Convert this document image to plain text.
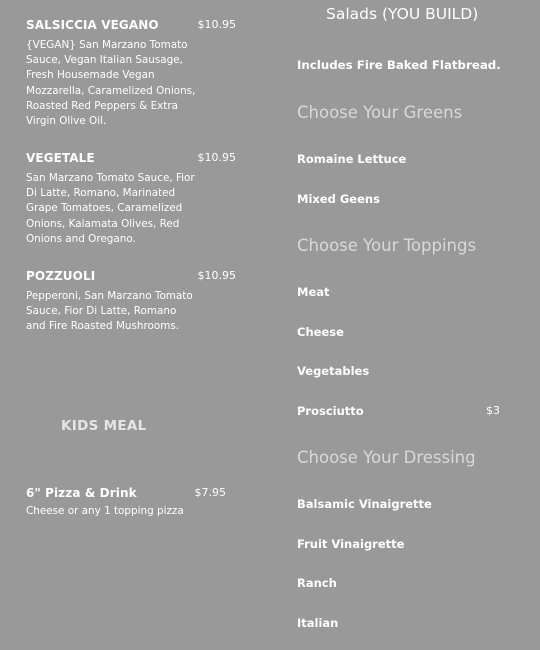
SALSICCIA VEGANO	$10.95
{VEGAN} San Marzano Tomato Sauce, Vegan Italian Sausage, Fresh Housemade Vegan Mozzarella, Caramelized Onions, Roasted Red Peppers & Extra Virgin Olive Oil.
VEGETALE	$10.95
San Marzano Tomato Sauce, Fior Di Latte, Romano, Marinated Grape Tomatoes, Caramelized Onions, Kalamata Olives, Red Onions and Oregano.
POZZUOLI	$10.95
Pepperoni, San Marzano Tomato Sauce, Fior Di Latte, Romano and Fire Roasted Mushrooms.
6" Pizza & Drink	$7.95
Cheese or any 1 topping pizza
KIDS MEAL
Salads (YOU BUILD)
Includes Fire Baked Flatbread.
Choose Your Greens
Romaine Lettuce
Mixed Geens
Choose Your Toppings
Meat
Cheese
Vegetables
Prosciutto	$3
Choose Your Dressing
Balsamic Vinaigrette
Fruit Vinaigrette
Ranch
Italian
